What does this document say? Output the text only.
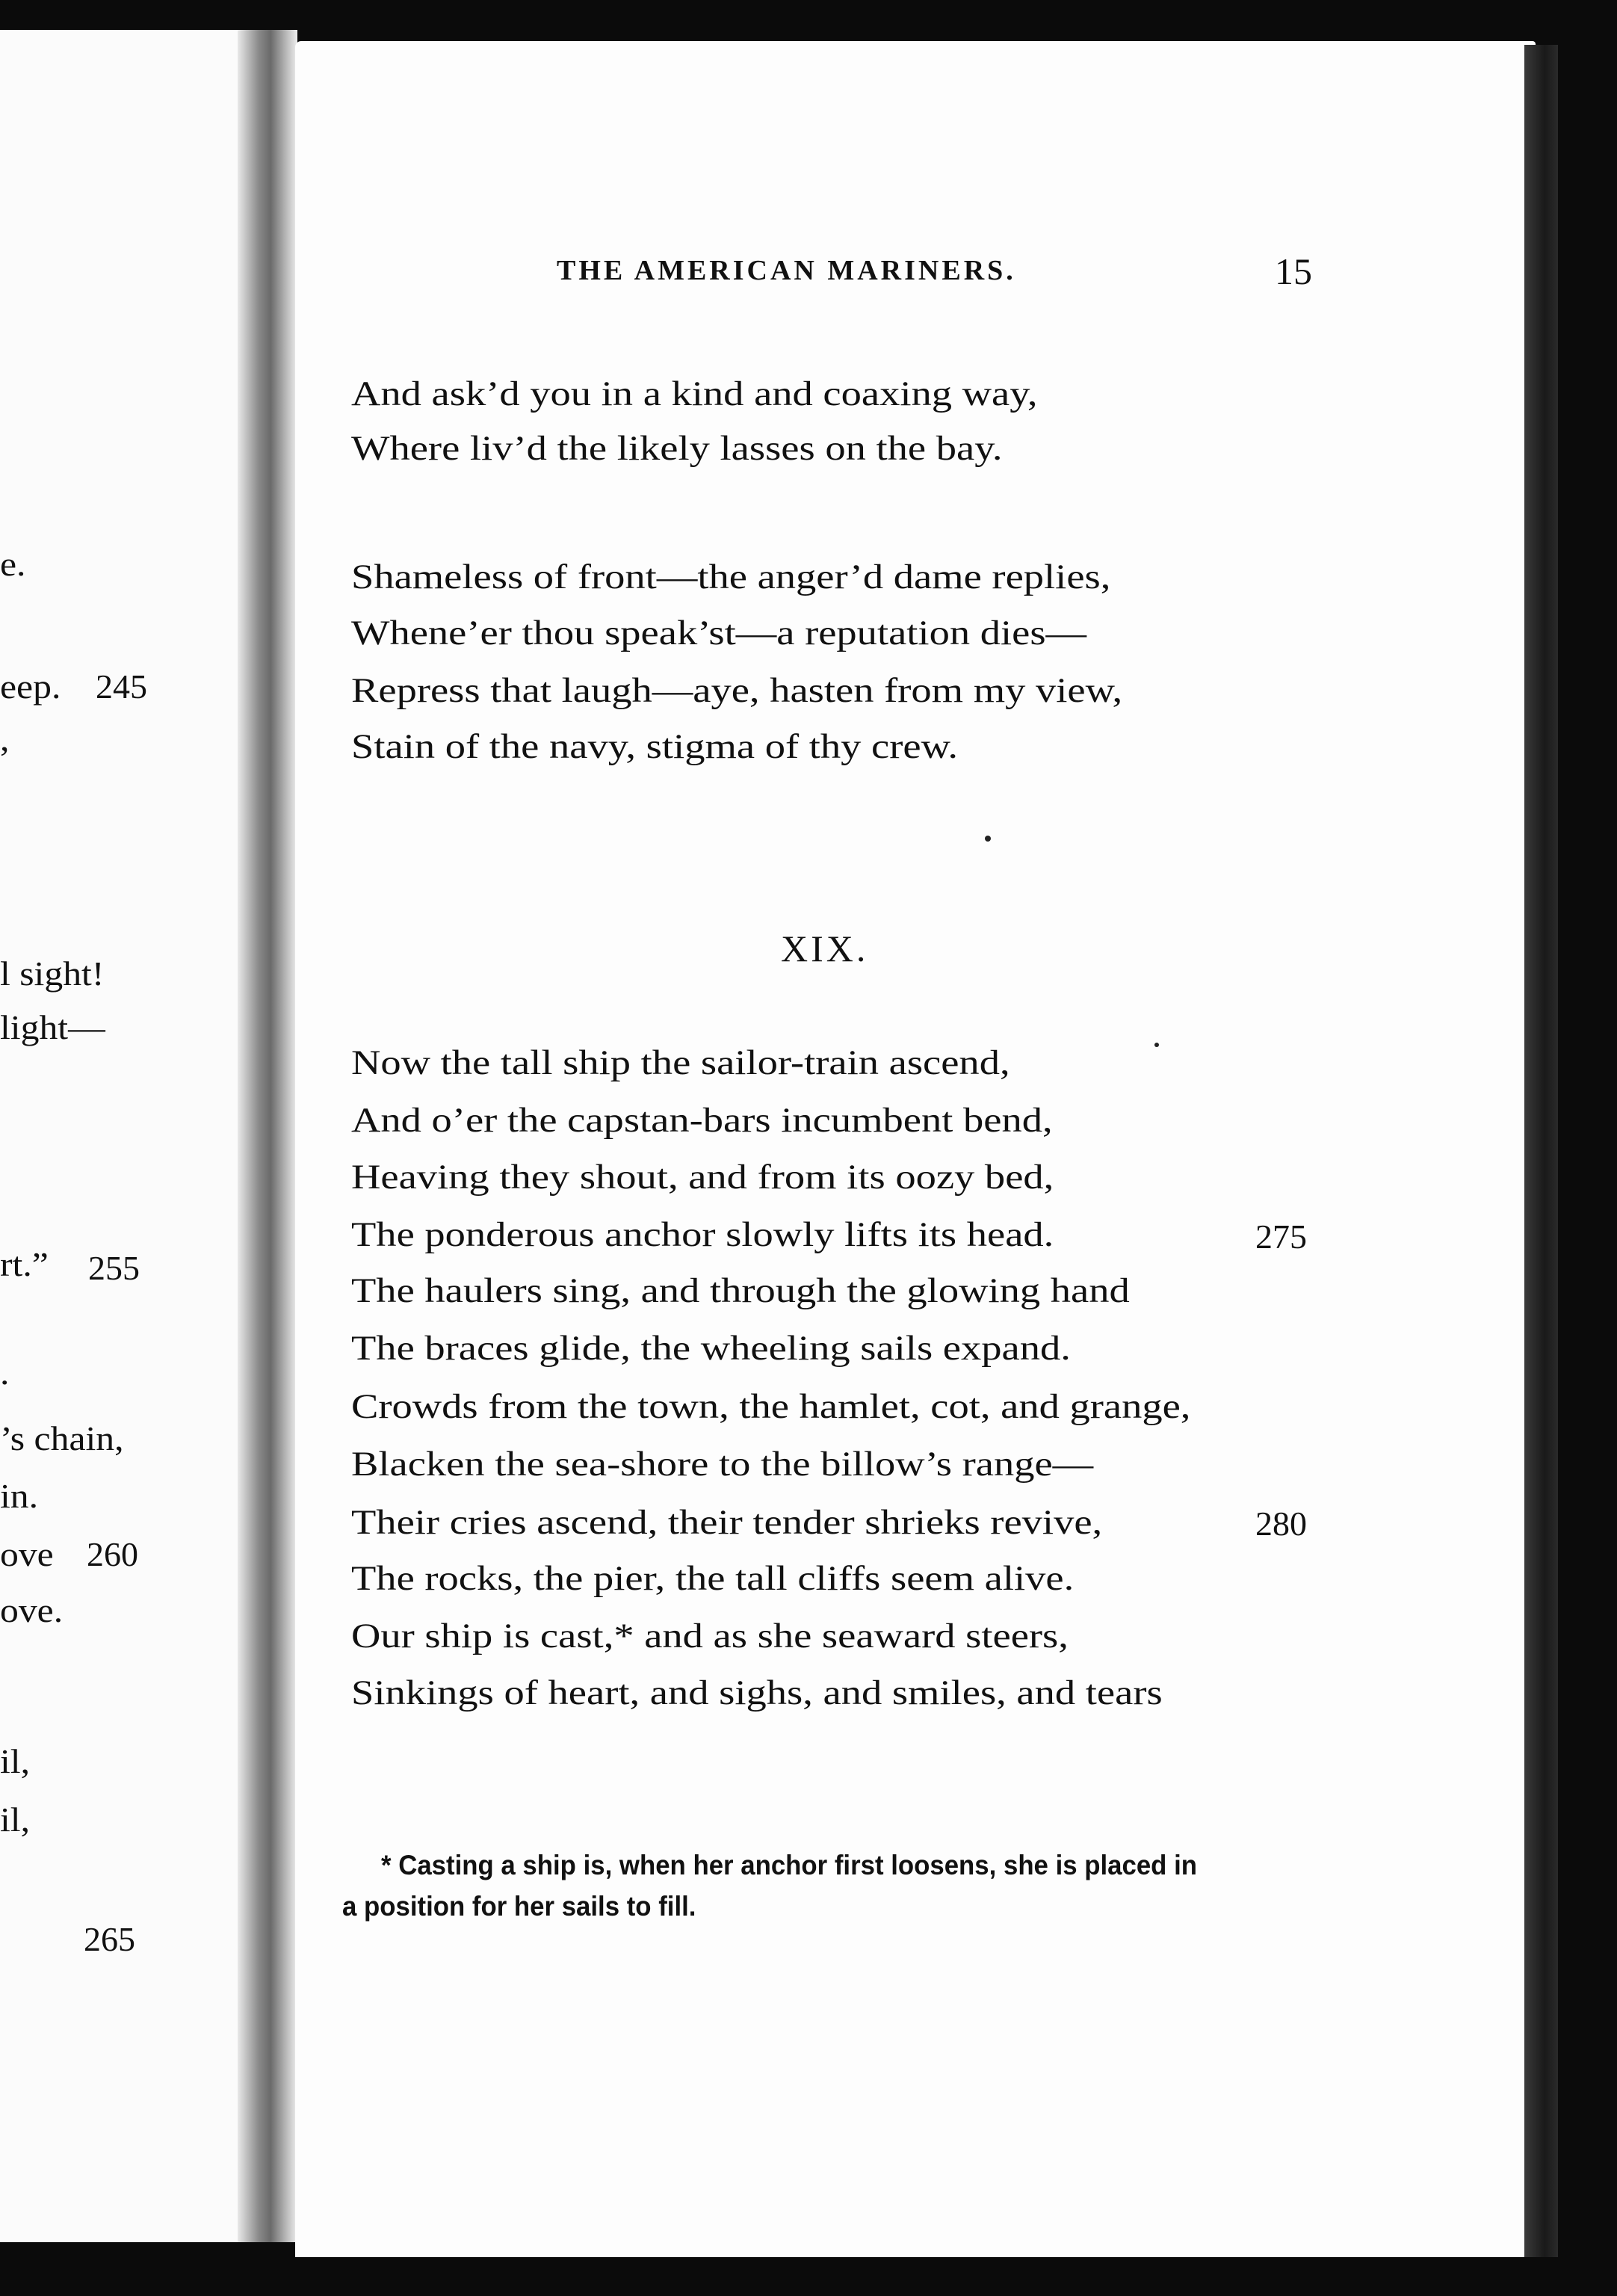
e.
eep. 245
,
l sight!
light—
rt.” 255
.
’s chain,
in.
ove 260
ove.
il,
il,
265
THE AMERICAN MARINERS.	15
And ask’d you in a kind and coaxing way,
Where liv’d the likely lasses on the bay.
Shameless of front—the anger’d dame replies,
Whene’er thou speak’st—a reputation dies—
Repress that laugh—aye, hasten from my view,
Stain of the navy, stigma of thy crew.
XIX.
Now the tall ship the sailor-train ascend,
And o’er the capstan-bars incumbent bend,
Heaving they shout, and from its oozy bed,
The ponderous anchor slowly lifts its head.	275
The haulers sing, and through the glowing hand
The braces glide, the wheeling sails expand.
Crowds from the town, the hamlet, cot, and grange,
Blacken the sea-shore to the billow’s range—
Their cries ascend, their tender shrieks revive,	280
The rocks, the pier, the tall cliffs seem alive.
Our ship is cast,* and as she seaward steers,
Sinkings of heart, and sighs, and smiles, and tears
* Casting a ship is, when her anchor first loosens, she is placed in
a position for her sails to fill.
